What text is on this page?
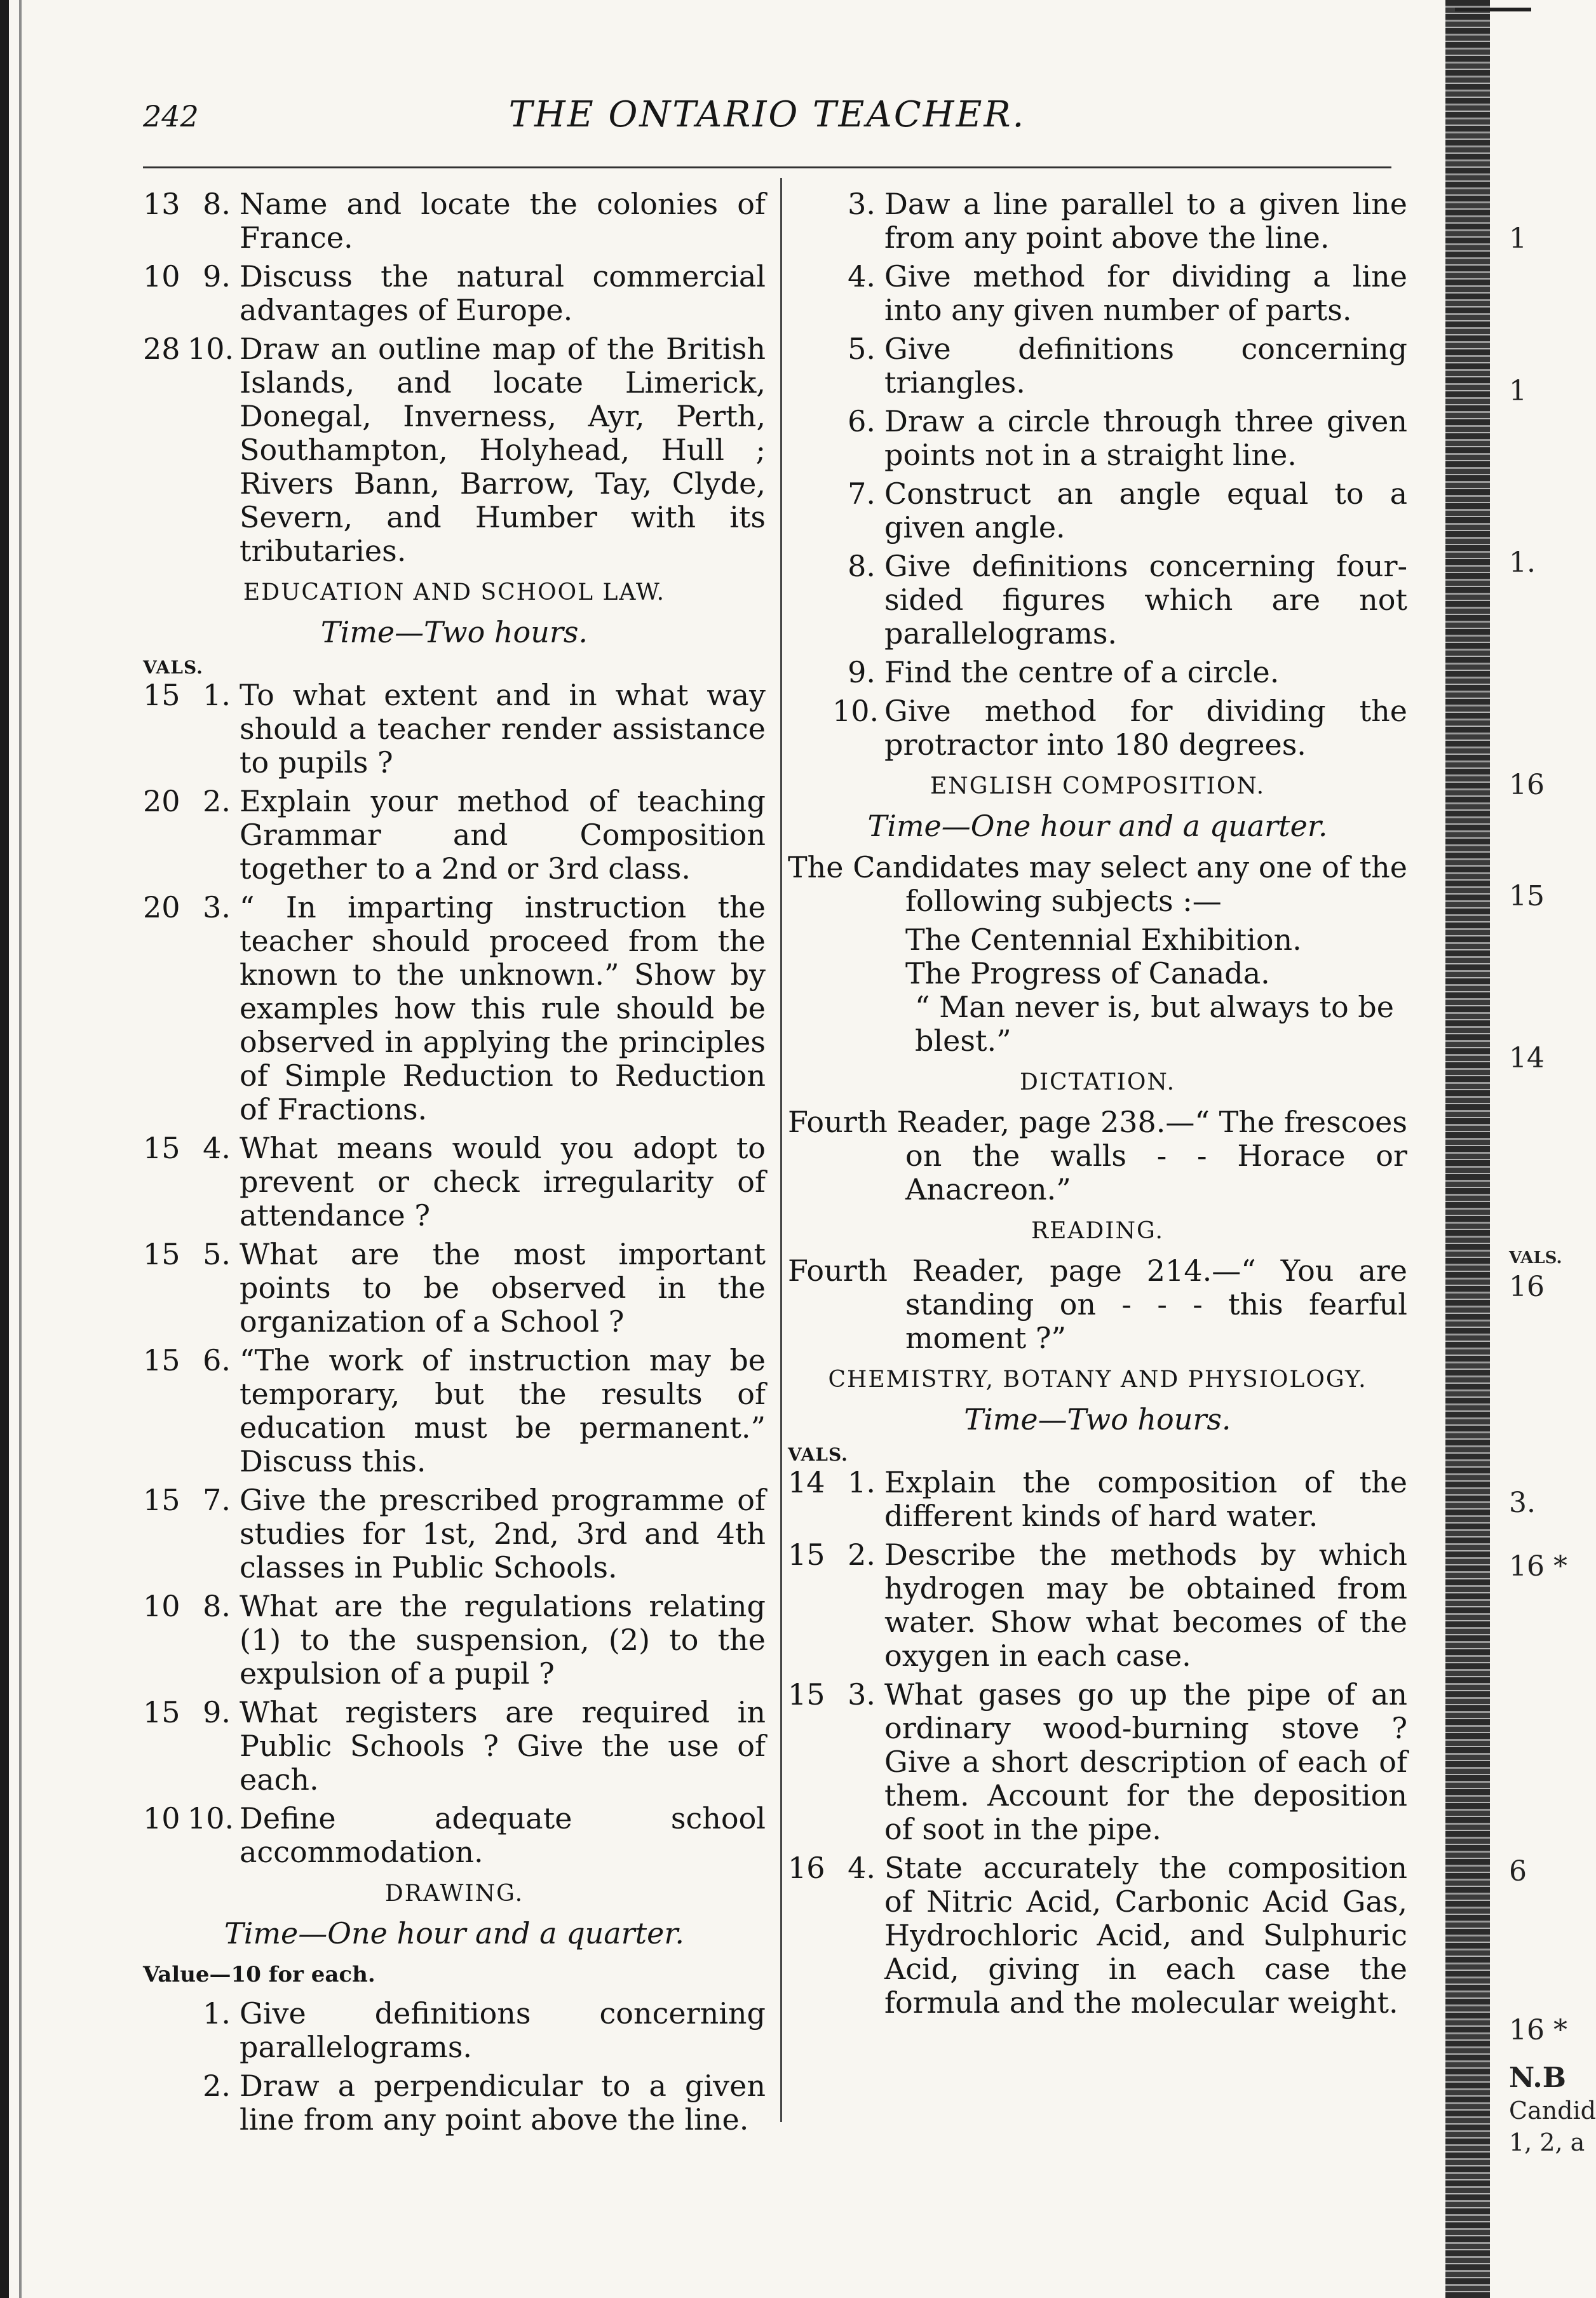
242	THE ONTARIO TEACHER.
13 8. Name and locate the colonies of France.
10 9. Discuss the natural commercial advantages of Europe.
28 10. Draw an outline map of the British Islands, and locate Limerick, Donegal, Inverness, Ayr, Perth, Southampton, Holyhead, Hull ; Rivers Bann, Barrow, Tay, Clyde, Severn, and Humber with its tributaries.
EDUCATION AND SCHOOL LAW.
Time—Two hours.
VALS.
15 1. To what extent and in what way should a teacher render assistance to pupils ?
20 2. Explain your method of teaching Grammar and Composition together to a 2nd or 3rd class.
20 3. “ In imparting instruction the teacher should proceed from the known to the unknown.” Show by examples how this rule should be observed in applying the principles of Simple Reduction to Reduction of Fractions.
15 4. What means would you adopt to prevent or check irregularity of attendance ?
15 5. What are the most important points to be observed in the organization of a School ?
15 6. “The work of instruction may be temporary, but the results of education must be permanent.” Discuss this.
15 7. Give the prescribed programme of studies for 1st, 2nd, 3rd and 4th classes in Public Schools.
10 8. What are the regulations relating (1) to the suspension, (2) to the expulsion of a pupil ?
15 9. What registers are required in Public Schools ? Give the use of each.
10 10. Define adequate school accommodation.
DRAWING.
Time—One hour and a quarter.
Value—10 for each.
1. Give definitions concerning parallelograms.
2. Draw a perpendicular to a given line from any point above the line.
3. Daw a line parallel to a given line from any point above the line.
4. Give method for dividing a line into any given number of parts.
5. Give definitions concerning triangles.
6. Draw a circle through three given points not in a straight line.
7. Construct an angle equal to a given angle.
8. Give definitions concerning four-sided figures which are not parallelograms.
9. Find the centre of a circle.
10. Give method for dividing the protractor into 180 degrees.
ENGLISH COMPOSITION.
Time—One hour and a quarter.
The Candidates may select any one of the following subjects :—
The Centennial Exhibition.
The Progress of Canada.
“ Man never is, but always to be blest.”
DICTATION.
Fourth Reader, page 238.—“ The frescoes on the walls - - Horace or Anacreon.”
READING.
Fourth Reader, page 214.—“ You are standing on - - - this fearful moment ?”
CHEMISTRY, BOTANY AND PHYSIOLOGY.
Time—Two hours.
VALS.
14 1. Explain the composition of the different kinds of hard water.
15 2. Describe the methods by which hydrogen may be obtained from water. Show what becomes of the oxygen in each case.
15 3. What gases go up the pipe of an ordinary wood-burning stove ? Give a short description of each of them. Account for the deposition of soot in the pipe.
16 4. State accurately the composition of Nitric Acid, Carbonic Acid Gas, Hydrochloric Acid, and Sulphuric Acid, giving in each case the formula and the molecular weight.
1
1
1.
16
15
14
VALS.
16
3.
16 *
6
16 *
N.B
Candid
1, 2, a
